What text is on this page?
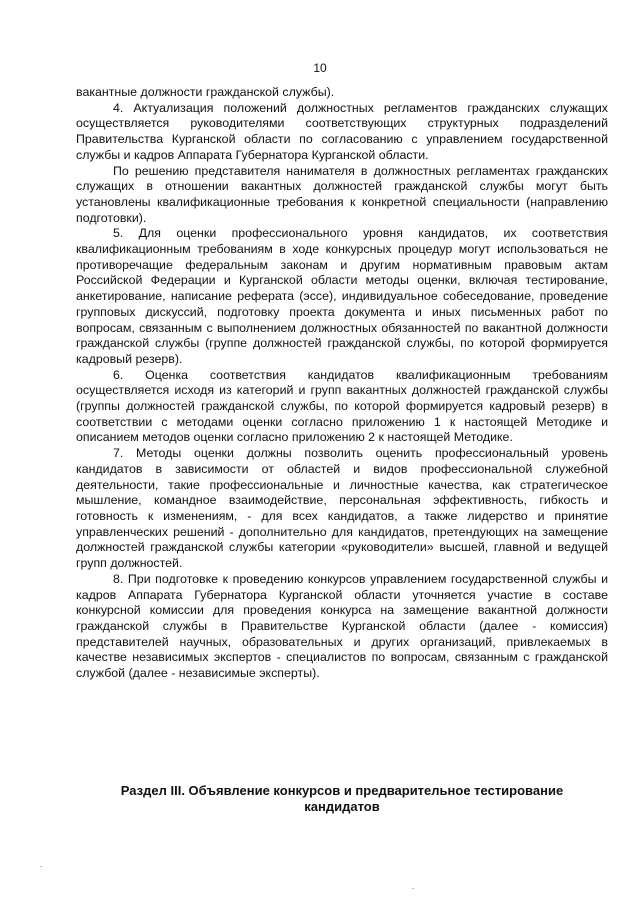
10

вакантные должности гражданской службы).

4. Актуализация положений должностных регламентов гражданских служащих осуществляется руководителями соответствующих структурных подразделений Правительства Курганской области по согласованию с управлением государственной службы и кадров Аппарата Губернатора Курганской области.

По решению представителя нанимателя в должностных регламентах гражданских служащих в отношении вакантных должностей гражданской службы могут быть установлены квалификационные требования к конкретной специальности (направлению подготовки).

5. Для оценки профессионального уровня кандидатов, их соответствия квалификационным требованиям в ходе конкурсных процедур могут использоваться не противоречащие федеральным законам и другим нормативным правовым актам Российской Федерации и Курганской области методы оценки, включая тестирование, анкетирование, написание реферата (эссе), индивидуальное собеседование, проведение групповых дискуссий, подготовку проекта документа и иных письменных работ по вопросам, связанным с выполнением должностных обязанностей по вакантной должности гражданской службы (группе должностей гражданской службы, по которой формируется кадровый резерв).

6. Оценка соответствия кандидатов квалификационным требованиям осуществляется исходя из категорий и групп вакантных должностей гражданской службы (группы должностей гражданской службы, по которой формируется кадровый резерв) в соответствии с методами оценки согласно приложению 1 к настоящей Методике и описанием методов оценки согласно приложению 2 к настоящей Методике.

7. Методы оценки должны позволить оценить профессиональный уровень кандидатов в зависимости от областей и видов профессиональной служебной деятельности, такие профессиональные и личностные качества, как стратегическое мышление, командное взаимодействие, персональная эффективность, гибкость и готовность к изменениям, - для всех кандидатов, а также лидерство и принятие управленческих решений - дополнительно для кандидатов, претендующих на замещение должностей гражданской службы категории «руководители» высшей, главной и ведущей групп должностей.

8. При подготовке к проведению конкурсов управлением государственной службы и кадров Аппарата Губернатора Курганской области уточняется участие в составе конкурсной комиссии для проведения конкурса на замещение вакантной должности гражданской службы в Правительстве Курганской области (далее - комиссия) представителей научных, образовательных и других организаций, привлекаемых в качестве независимых экспертов - специалистов по вопросам, связанным с гражданской службой (далее - независимые эксперты).

Раздел III. Объявление конкурсов и предварительное тестирование
кандидатов
